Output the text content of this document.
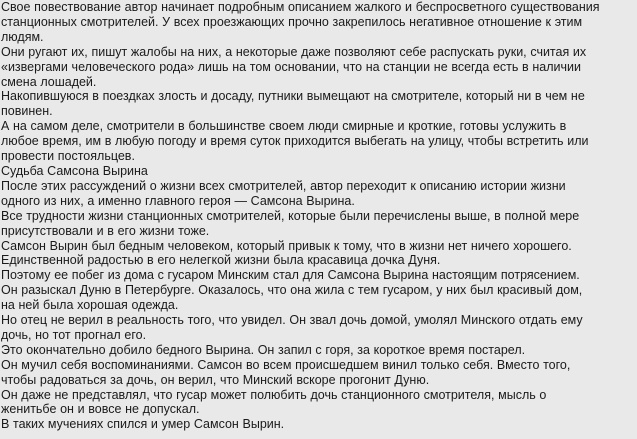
Свое повествование автор начинает подробным описанием жалкого и беспросветного существования
станционных смотрителей. У всех проезжающих прочно закрепилось негативное отношение к этим
людям.

Они ругают их, пишут жалобы на них, а некоторые даже позволяют себе распускать руки, считая их
«извергами человеческого рода» лишь на том основании, что на станции не всегда есть в наличии
смена лошадей.

Накопившуюся в поездках злость и досаду, путники вымещают на смотрителе, который ни в чем не
повинен.

А на самом деле, смотрители в большинстве своем люди смирные и кроткие, готовы услужить в
любое время, им в любую погоду и время суток приходится выбегать на улицу, чтобы встретить или
провести постояльцев.

Судьба Самсона Вырина

После этих рассуждений о жизни всех смотрителей, автор переходит к описанию истории жизни
одного из них, а именно главного героя — Самсона Вырина.

Все трудности жизни станционных смотрителей, которые были перечислены выше, в полной мере
присутствовали и в его жизни тоже.

Самсон Вырин был бедным человеком, который привык к тому, что в жизни нет ничего хорошего.
Единственной радостью в его нелегкой жизни была красавица дочка Дуня.

Поэтому ее побег из дома с гусаром Минским стал для Самсона Вырина настоящим потрясением.

Он разыскал Дуню в Петербурге. Оказалось, что она жила с тем гусаром, у них был красивый дом,
на ней была хорошая одежда.

Но отец не верил в реальность того, что увидел. Он звал дочь домой, умолял Минского отдать ему
дочь, но тот прогнал его.

Это окончательно добило бедного Вырина. Он запил с горя, за короткое время постарел.

Он мучил себя воспоминаниями. Самсон во всем происшедшем винил только себя. Вместо того,
чтобы радоваться за дочь, он верил, что Минский вскоре прогонит Дуню.

Он даже не представлял, что гусар может полюбить дочь станционного смотрителя, мысль о
женитьбе он и вовсе не допускал.

В таких мучениях спился и умер Самсон Вырин.
